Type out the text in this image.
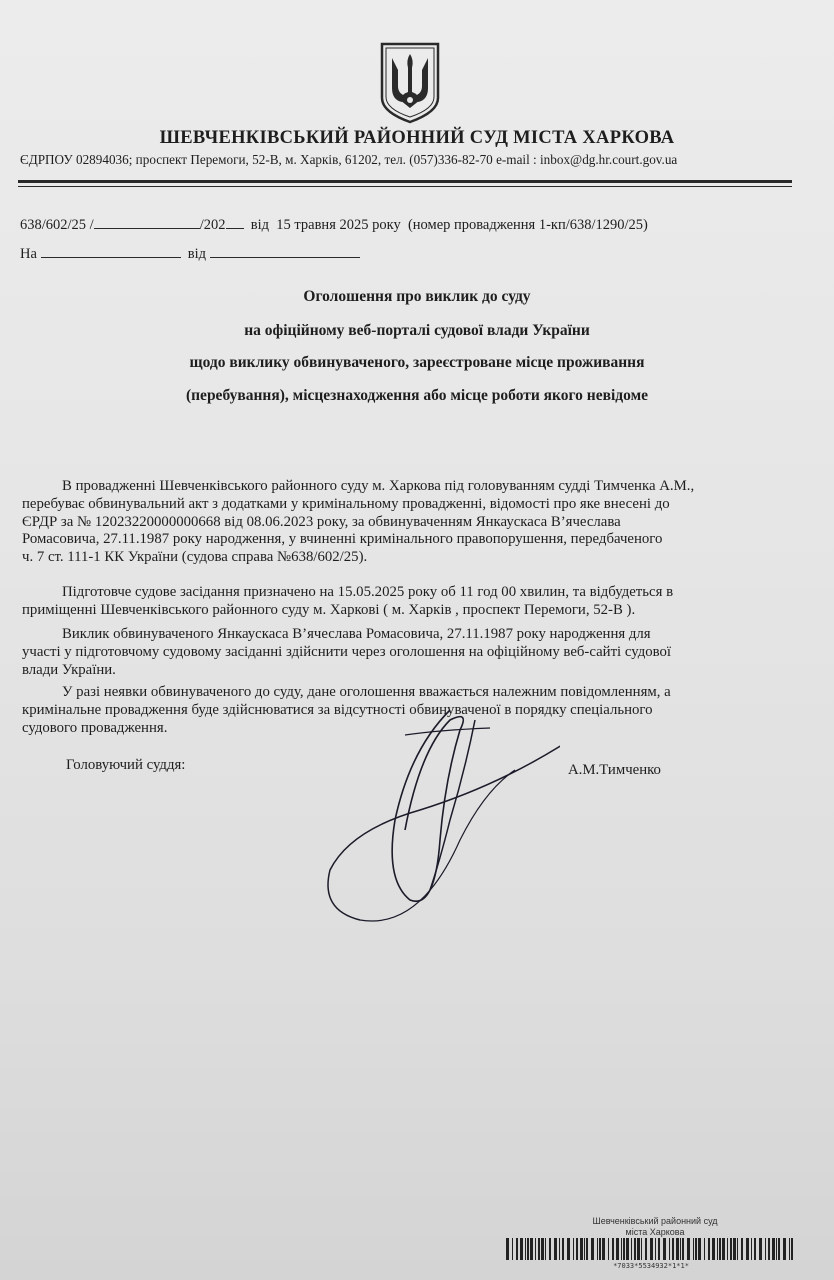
ШЕВЧЕНКІВСЬКИЙ РАЙОННИЙ СУД МІСТА ХАРКОВА
ЄДРПОУ 02894036; проспект Перемоги, 52-В, м. Харків, 61202, тел. (057)336-82-70 e-mail : inbox@dg.hr.court.gov.ua
638/602/25 /	/202 від 15 травня 2025 року (номер провадження 1-кп/638/1290/25)
На	від
Оголошення про виклик до суду
на офіційному веб-порталі судової влади України
щодо виклику обвинуваченого, зареєстроване місце проживання
(перебування), місцезнаходження або місце роботи якого невідоме
В провадженні Шевченківського районного суду м. Харкова під головуванням судді Тимченка А.М.,
перебуває обвинувальний акт з додатками у кримінальному провадженні, відомості про яке внесені до
ЄРДР за № 12023220000000668 від 08.06.2023 року, за обвинуваченням Янкаускаса В’ячеслава
Ромасовича, 27.11.1987 року народження, у вчиненні кримінального правопорушення, передбаченого
ч. 7 ст. 111-1 КК України (судова справа №638/602/25).
Підготовче судове засідання призначено на 15.05.2025 року об 11 год 00 хвилин, та відбудеться в
приміщенні Шевченківського районного суду м. Харкові ( м. Харків , проспект Перемоги, 52-В ).
Виклик обвинуваченого Янкаускаса В’ячеслава Ромасовича, 27.11.1987 року народження для
участі у підготовчому судовому засіданні здійснити через оголошення на офіційному веб-сайті судової
влади України.
У разі неявки обвинуваченого до суду, дане оголошення вважається належним повідомленням, а
кримінальне провадження буде здійснюватися за відсутності обвинуваченої в порядку спеціального
судового провадження.
Головуючий суддя:	А.М.Тимченко
Шевченківський районний суд
міста Харкова
*7033*5534932*1*1*
